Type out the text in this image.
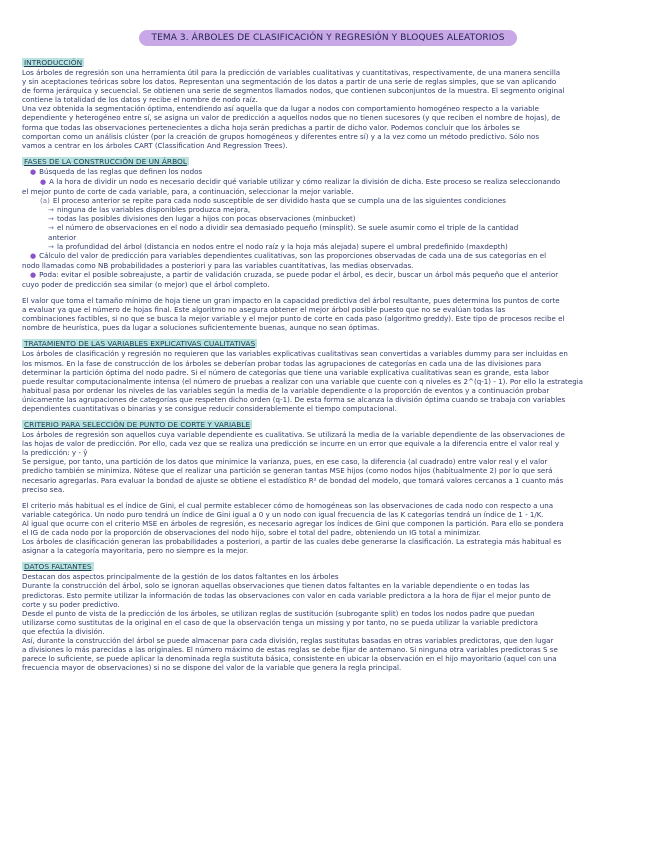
TEMA 3. ÁRBOLES DE CLASIFICACIÓN Y REGRESIÓN Y BLOQUES ALEATORIOS
INTRODUCCIÓN
Los árboles de regresión son una herramienta útil para la predicción de variables cualitativas y cuantitativas, respectivamente, de una manera sencilla
y sin aceptaciones teóricas sobre los datos. Representan una segmentación de los datos a partir de una serie de reglas simples, que se van aplicando
de forma jerárquica y secuencial. Se obtienen una serie de segmentos llamados nodos, que contienen subconjuntos de la muestra. El segmento original
contiene la totalidad de los datos y recibe el nombre de nodo raíz.
Una vez obtenida la segmentación óptima, entendiendo así aquella que da lugar a nodos con comportamiento homogéneo respecto a la variable
dependiente y heterogéneo entre sí, se asigna un valor de predicción a aquellos nodos que no tienen sucesores (y que reciben el nombre de hojas), de
forma que todas las observaciones pertenecientes a dicha hoja serán predichas a partir de dicho valor. Podemos concluir que los árboles se
comportan como un análisis clúster (por la creación de grupos homogéneos y diferentes entre sí) y a la vez como un método predictivo. Sólo nos
vamos a centrar en los árboles CART (Classification And Regression Trees).
FASES DE LA CONSTRUCCIÓN DE UN ÁRBOL
● Búsqueda de las reglas que definen los nodos
● A la hora de dividir un nodo es necesario decidir qué variable utilizar y cómo realizar la división de dicha. Este proceso se realiza seleccionando
el mejor punto de corte de cada variable, para, a continuación, seleccionar la mejor variable.
(a) El proceso anterior se repite para cada nodo susceptible de ser dividido hasta que se cumpla una de las siguientes condiciones
→ ninguna de las variables disponibles produzca mejora,
→ todas las posibles divisiones den lugar a hijos con pocas observaciones (minbucket)
→ el número de observaciones en el nodo a dividir sea demasiado pequeño (minsplit). Se suele asumir como el triple de la cantidad
anterior
→ la profundidad del árbol (distancia en nodos entre el nodo raíz y la hoja más alejada) supere el umbral predefinido (maxdepth)
● Cálculo del valor de predicción para variables dependientes cualitativas, son las proporciones observadas de cada una de sus categorías en el
nodo llamadas como NB probabilidades a posteriori y para las variables cuantitativas, las medias observadas.
● Poda: evitar el posible sobreajuste, a partir de validación cruzada, se puede podar el árbol, es decir, buscar un árbol más pequeño que el anterior
cuyo poder de predicción sea similar (o mejor) que el árbol completo.
El valor que toma el tamaño mínimo de hoja tiene un gran impacto en la capacidad predictiva del árbol resultante, pues determina los puntos de corte
a evaluar ya que el número de hojas final. Este algoritmo no asegura obtener el mejor árbol posible puesto que no se evalúan todas las
combinaciones factibles, si no que se busca la mejor variable y el mejor punto de corte en cada paso (algoritmo greddy). Este tipo de procesos recibe el
nombre de heurística, pues da lugar a soluciones suficientemente buenas, aunque no sean óptimas.
TRATAMIENTO DE LAS VARIABLES EXPLICATIVAS CUALITATIVAS
Los árboles de clasificación y regresión no requieren que las variables explicativas cualitativas sean convertidas a variables dummy para ser incluidas en
los mismos. En la fase de construcción de los árboles se deberían probar todas las agrupaciones de categorías en cada una de las divisiones para
determinar la partición óptima del nodo padre. Si el número de categorías que tiene una variable explicativa cualitativas sean es grande, esta labor
puede resultar computacionalmente intensa (el número de pruebas a realizar con una variable que cuente con q niveles es 2^(q-1) - 1). Por ello la estrategia
habitual pasa por ordenar los niveles de las variables según la media de la variable dependiente o la proporción de eventos y a continuación probar
únicamente las agrupaciones de categorías que respeten dicho orden (q-1). De esta forma se alcanza la división óptima cuando se trabaja con variables
dependientes cuantitativas o binarias y se consigue reducir considerablemente el tiempo computacional.
CRITERIO PARA SELECCIÓN DE PUNTO DE CORTE Y VARIABLE
Los árboles de regresión son aquellos cuya variable dependiente es cualitativa. Se utilizará la media de la variable dependiente de las observaciones de
las hojas de valor de predicción. Por ello, cada vez que se realiza una predicción se incurre en un error que equivale a la diferencia entre el valor real y
la predicción: y - ŷ
Se persigue, por tanto, una partición de los datos que minimice la varianza, pues, en ese caso, la diferencia (al cuadrado) entre valor real y el valor
predicho también se minimiza. Nótese que el realizar una partición se generan tantas MSE hijos (como nodos hijos (habitualmente 2) por lo que será
necesario agregarlas. Para evaluar la bondad de ajuste se obtiene el estadístico R² de bondad del modelo, que tomará valores cercanos a 1 cuanto más
preciso sea.
El criterio más habitual es el índice de Gini, el cual permite establecer cómo de homogéneas son las observaciones de cada nodo con respecto a una
variable categórica. Un nodo puro tendrá un índice de Gini igual a 0 y un nodo con igual frecuencia de las K categorías tendrá un índice de 1 - 1/K.
Al igual que ocurre con el criterio MSE en árboles de regresión, es necesario agregar los índices de Gini que componen la partición. Para ello se pondera
el IG de cada nodo por la proporción de observaciones del nodo hijo, sobre el total del padre, obteniendo un IG total a minimizar.
Los árboles de clasificación generan las probabilidades a posteriori, a partir de las cuales debe generarse la clasificación. La estrategia más habitual es
asignar a la categoría mayoritaria, pero no siempre es la mejor.
DATOS FALTANTES
Destacan dos aspectos principalmente de la gestión de los datos faltantes en los árboles
Durante la construcción del árbol, solo se ignoran aquellas observaciones que tienen datos faltantes en la variable dependiente o en todas las
predictoras. Esto permite utilizar la información de todas las observaciones con valor en cada variable predictora a la hora de fijar el mejor punto de
corte y su poder predictivo.
Desde el punto de vista de la predicción de los árboles, se utilizan reglas de sustitución (subrogante split) en todos los nodos padre que puedan
utilizarse como sustitutas de la original en el caso de que la observación tenga un missing y por tanto, no se pueda utilizar la variable predictora
que efectúa la división.
Así, durante la construcción del árbol se puede almacenar para cada división, reglas sustitutas basadas en otras variables predictoras, que den lugar
a divisiones lo más parecidas a las originales. El número máximo de estas reglas se debe fijar de antemano. Si ninguna otra variables predictoras S se
parece lo suficiente, se puede aplicar la denominada regla sustituta básica, consistente en ubicar la observación en el hijo mayoritario (aquel con una
frecuencia mayor de observaciones) si no se dispone del valor de la variable que genera la regla principal.
